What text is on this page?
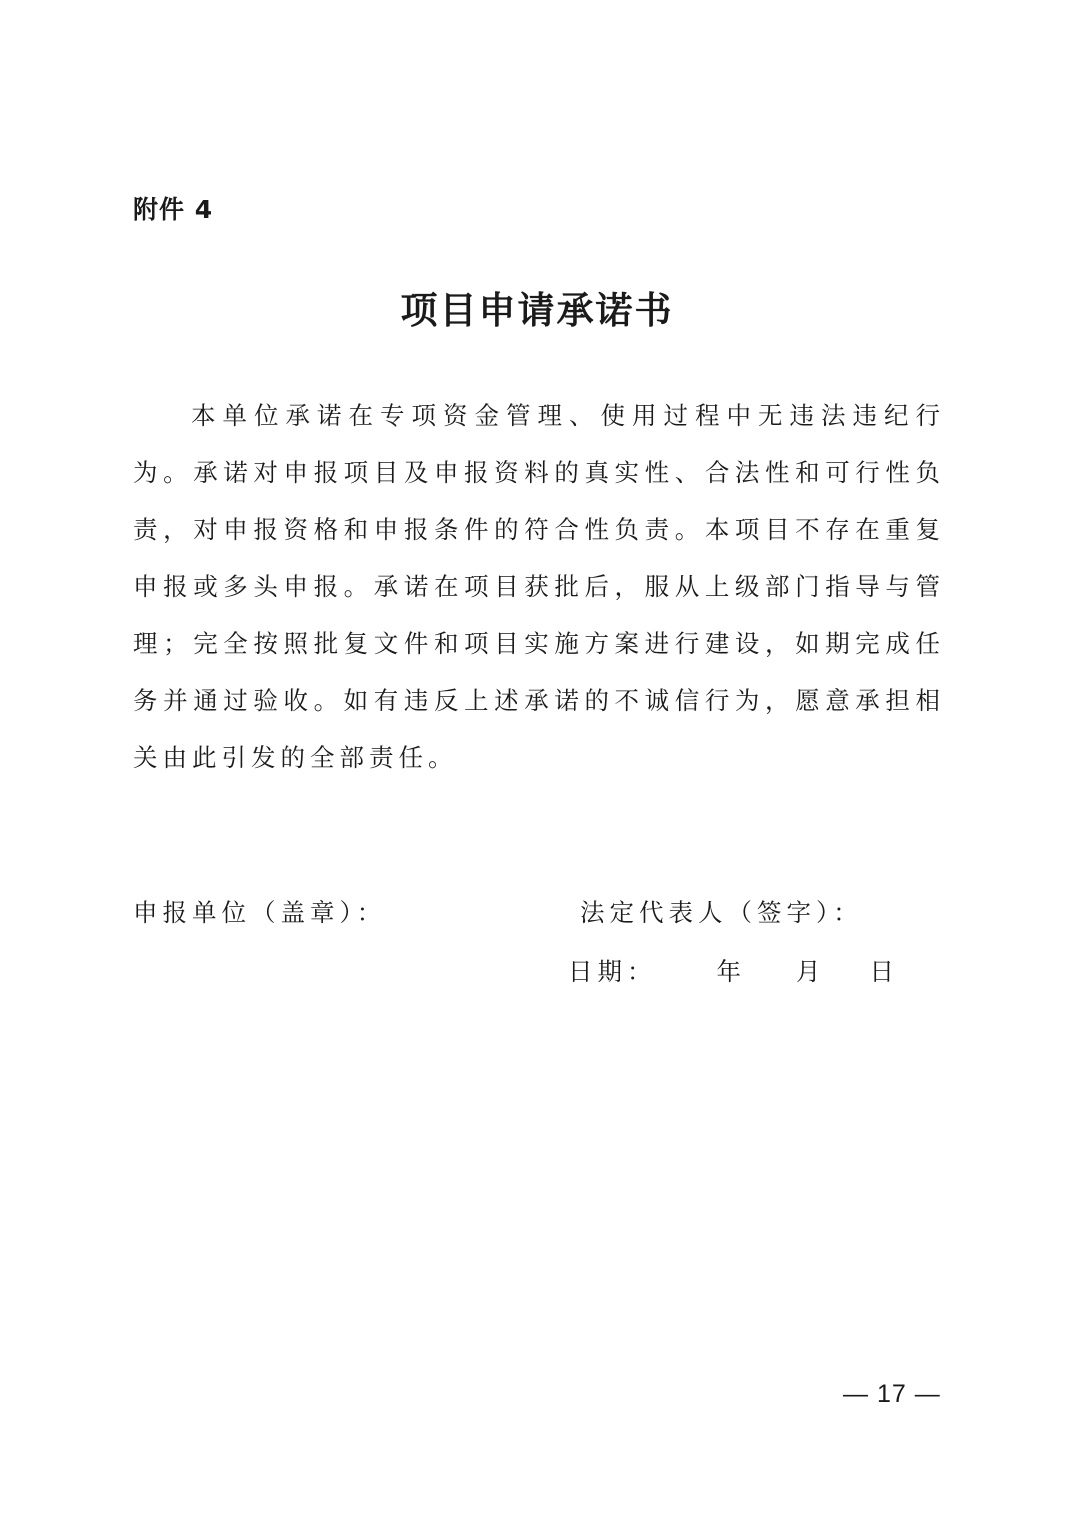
附件 4
项目申请承诺书

本单位承诺在专项资金管理、使用过程中无违法违纪行为。承诺对申报项目及申报资料的真实性、合法性和可行性负责，对申报资格和申报条件的符合性负责。本项目不存在重复申报或多头申报。承诺在项目获批后，服从上级部门指导与管理；完全按照批复文件和项目实施方案进行建设，如期完成任务并通过验收。如有违反上述承诺的不诚信行为，愿意承担相关由此引发的全部责任。

申报单位（盖章）：	法定代表人（签字）：
日期： 年 月 日
— 17 —
